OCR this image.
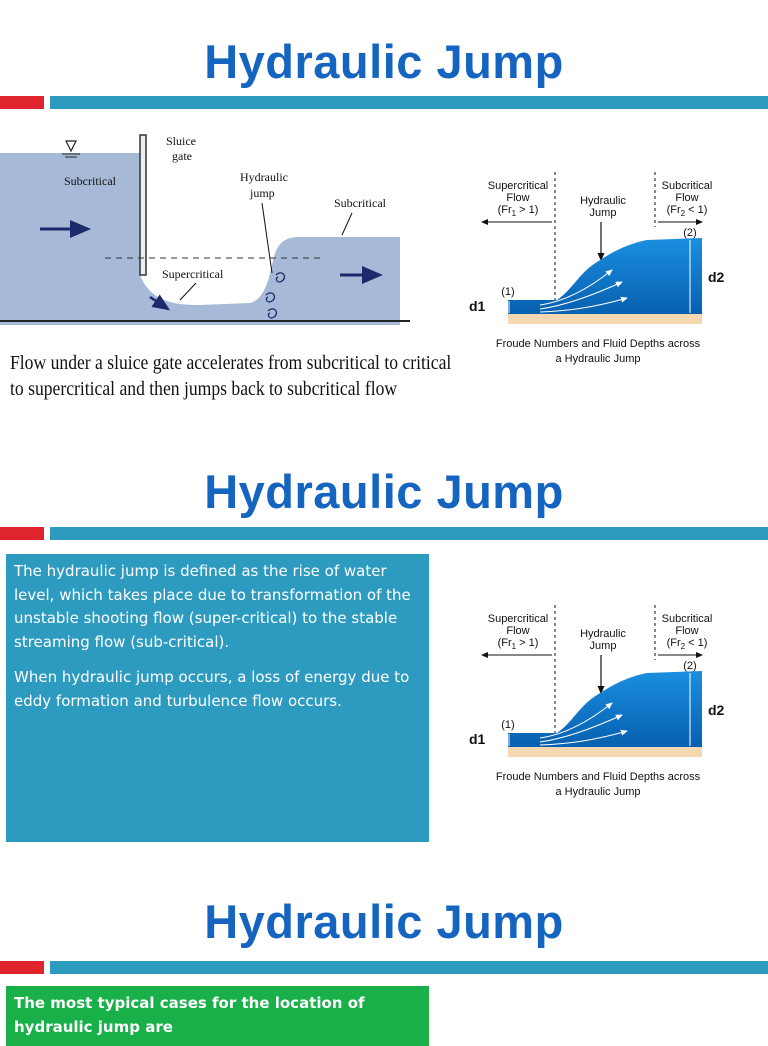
Hydraulic Jump
Sluice
gate
Subcritical	Hydraulic
jump
Subcritical
Supercritical
Flow under a sluice gate accelerates from subcritical to critical
to supercritical and then jumps back to subcritical flow
Supercritical
Flow
$(Fr_1 > 1)$
Hydraulic
Jump
Subcritical
Flow
$(Fr_2 < 1)$
(1)
(2)
d1
d2
Froude Numbers and Fluid Depths across
a Hydraulic Jump
Hydraulic Jump

The hydraulic jump is defined as the rise of water level, which takes place due to transformation of the unstable shooting flow (super-critical) to the stable streaming flow (sub-critical).

When hydraulic jump occurs, a loss of energy due to eddy formation and turbulence flow occurs.

Supercritical
Flow
$(Fr_1 > 1)$
Hydraulic
Jump
Subcritical
Flow
$(Fr_2 < 1)$
(1)
(2)
d1
d2
Froude Numbers and Fluid Depths across
a Hydraulic Jump
Hydraulic Jump

The most typical cases for the location of hydraulic jump are
